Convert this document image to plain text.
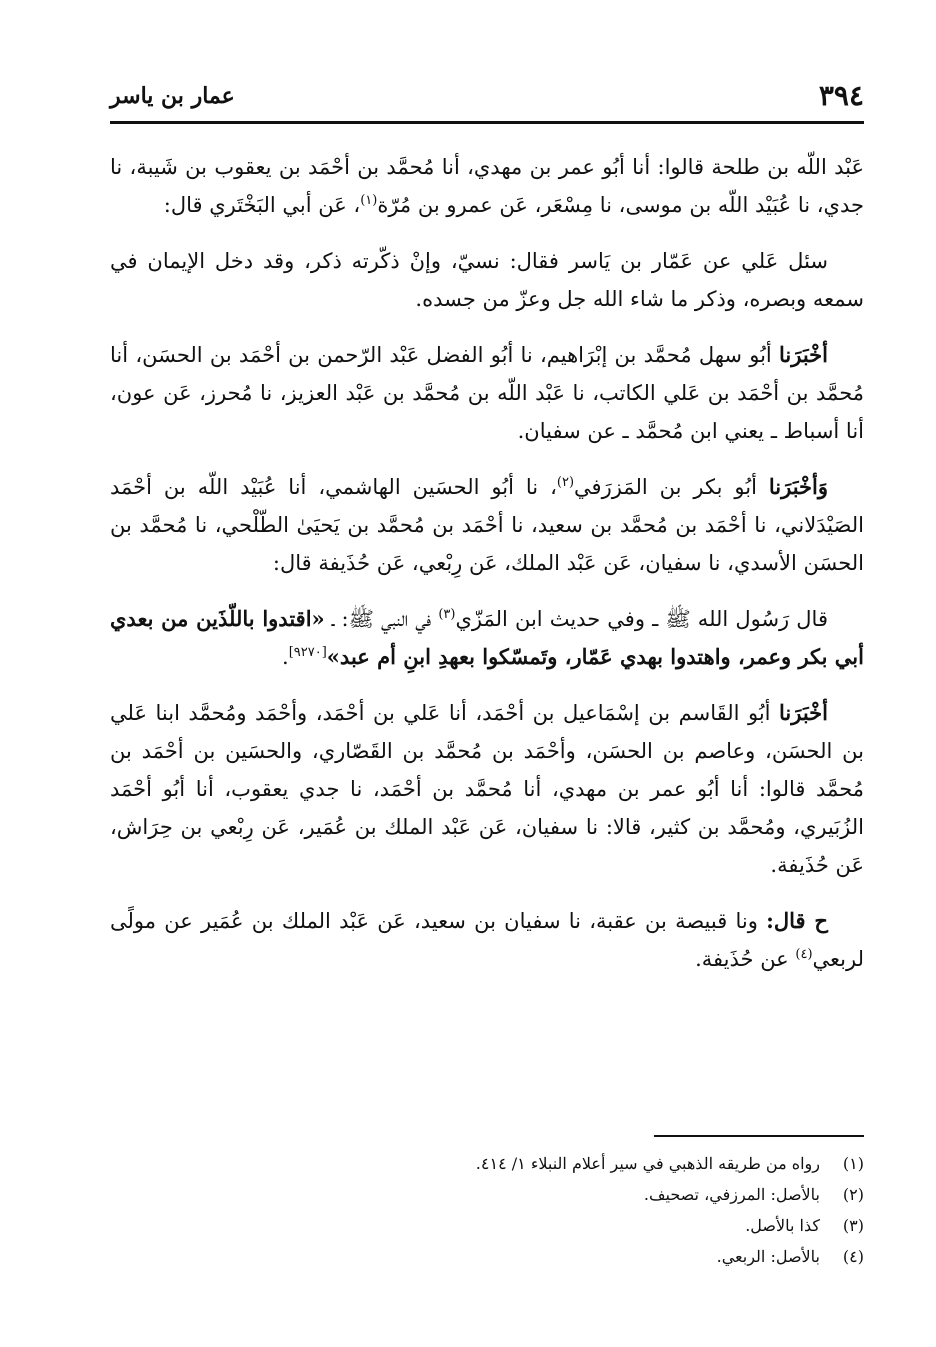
٣٩٤
عمار بن ياسر

عَبْد اللّه بن طلحة قالوا: أنا أبُو عمر بن مهدي، أنا مُحمَّد بن أحْمَد بن يعقوب بن شَيبة، نا جدي، نا عُبَيْد اللّه بن موسى، نا مِسْعَر، عَن عمرو بن مُرّة$^{(١)}$، عَن أبي البَخْتَري قال:

سئل عَلي عن عَمّار بن يَاسر فقال: نسيّ، وإنْ ذكّرته ذكر، وقد دخل الإيمان في سمعه وبصره، وذكر ما شاء الله جل وعزّ من جسده.

أخْبَرَنا أبُو سهل مُحمَّد بن إبْرَاهيم، نا أبُو الفضل عَبْد الرّحمن بن أحْمَد بن الحسَن، أنا مُحمَّد بن أحْمَد بن عَلي الكاتب، نا عَبْد اللّه بن مُحمَّد بن عَبْد العزيز، نا مُحرز، عَن عون، أنا أسباط ـ يعني ابن مُحمَّد ـ عن سفيان.

وَأخْبَرَنا أبُو بكر بن المَزرَفي$^{(٢)}$، نا أبُو الحسَين الهاشمي، أنا عُبَيْد اللّه بن أحْمَد الصَيْدَلاني، نا أحْمَد بن مُحمَّد بن سعيد، نا أحْمَد بن مُحمَّد بن يَحيَىٰ الطّلْحي، نا مُحمَّد بن الحسَن الأسدي، نا سفيان، عَن عَبْد الملك، عَن رِبْعي، عَن حُذَيفة قال:

قال رَسُول الله ﷺ ـ وفي حديث ابن المَزّي$^{(٣)}$ في النبي ﷺ: ـ «اقتدوا باللّذَين من بعدي أبي بكر وعمر، واهتدوا بهدي عَمّار، وتَمسّكوا بعهدِ ابنِ أم عبد»[٩٢٧٠].

أخْبَرَنا أبُو القَاسم بن إسْمَاعيل بن أحْمَد، أنا عَلي بن أحْمَد، وأحْمَد ومُحمَّد ابنا عَلي بن الحسَن، وعاصم بن الحسَن، وأحْمَد بن مُحمَّد بن القَصّاري، والحسَين بن أحْمَد بن مُحمَّد قالوا: أنا أبُو عمر بن مهدي، أنا مُحمَّد بن أحْمَد، نا جدي يعقوب، أنا أبُو أحْمَد الزُبَيري، ومُحمَّد بن كثير، قالا: نا سفيان، عَن عَبْد الملك بن عُمَير، عَن رِبْعي بن حِرَاش، عَن حُذَيفة.

ح قال: ونا قبيصة بن عقبة، نا سفيان بن سعيد، عَن عَبْد الملك بن عُمَير عن مولًى لربعي$^{(٤)}$ عن حُذَيفة.

(١)
رواه من طريقه الذهبي في سير أعلام النبلاء ١/ ٤١٤.
(٢)
بالأصل: المرزفي، تصحيف.
(٣)
كذا بالأصل.
(٤)
بالأصل: الربعي.
